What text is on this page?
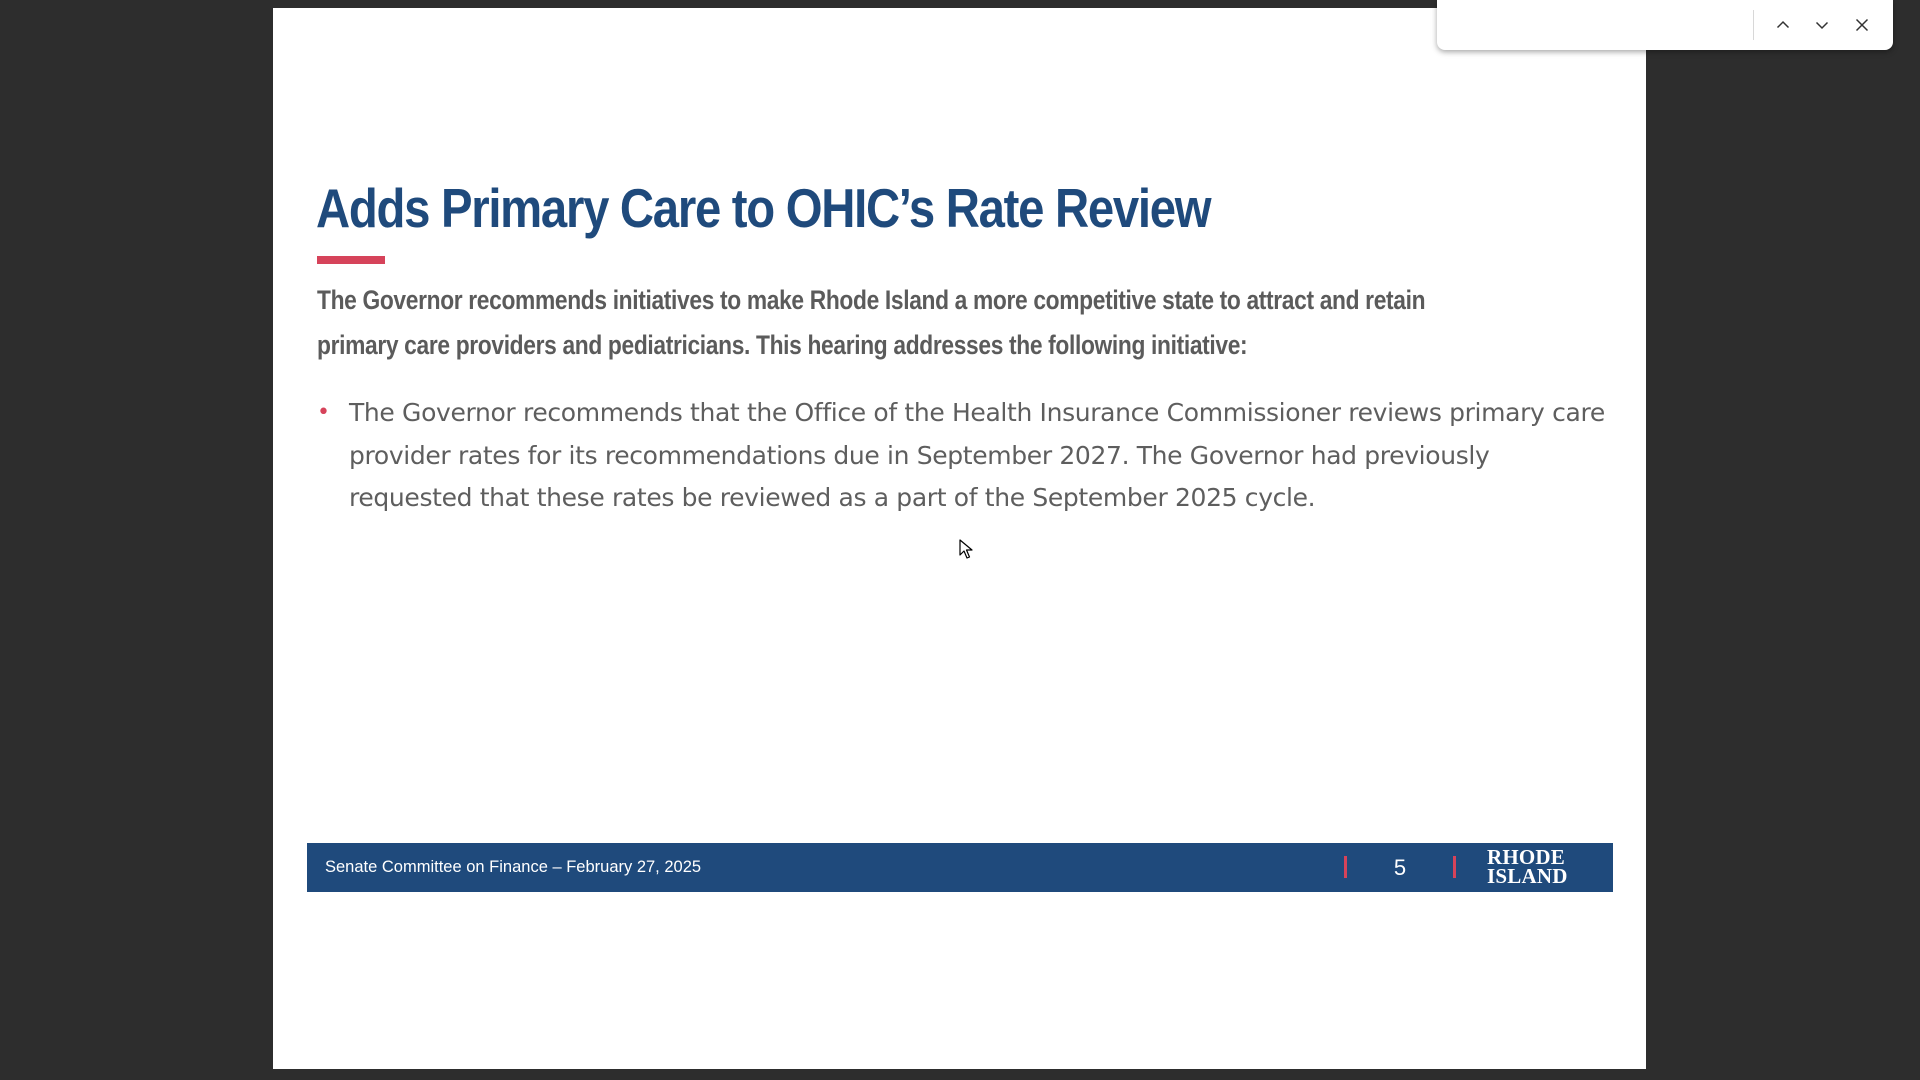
Adds Primary Care to OHIC’s Rate Review

The Governor recommends initiatives to make Rhode Island a more competitive state to attract and retain primary care providers and pediatricians. This hearing addresses the following initiative:

• The Governor recommends that the Office of the Health Insurance Commissioner reviews primary care provider rates for its recommendations due in September 2027. The Governor had previously requested that these rates be reviewed as a part of the September 2025 cycle.
Senate Committee on Finance – February 27, 2025	5	RHODE
ISLAND
